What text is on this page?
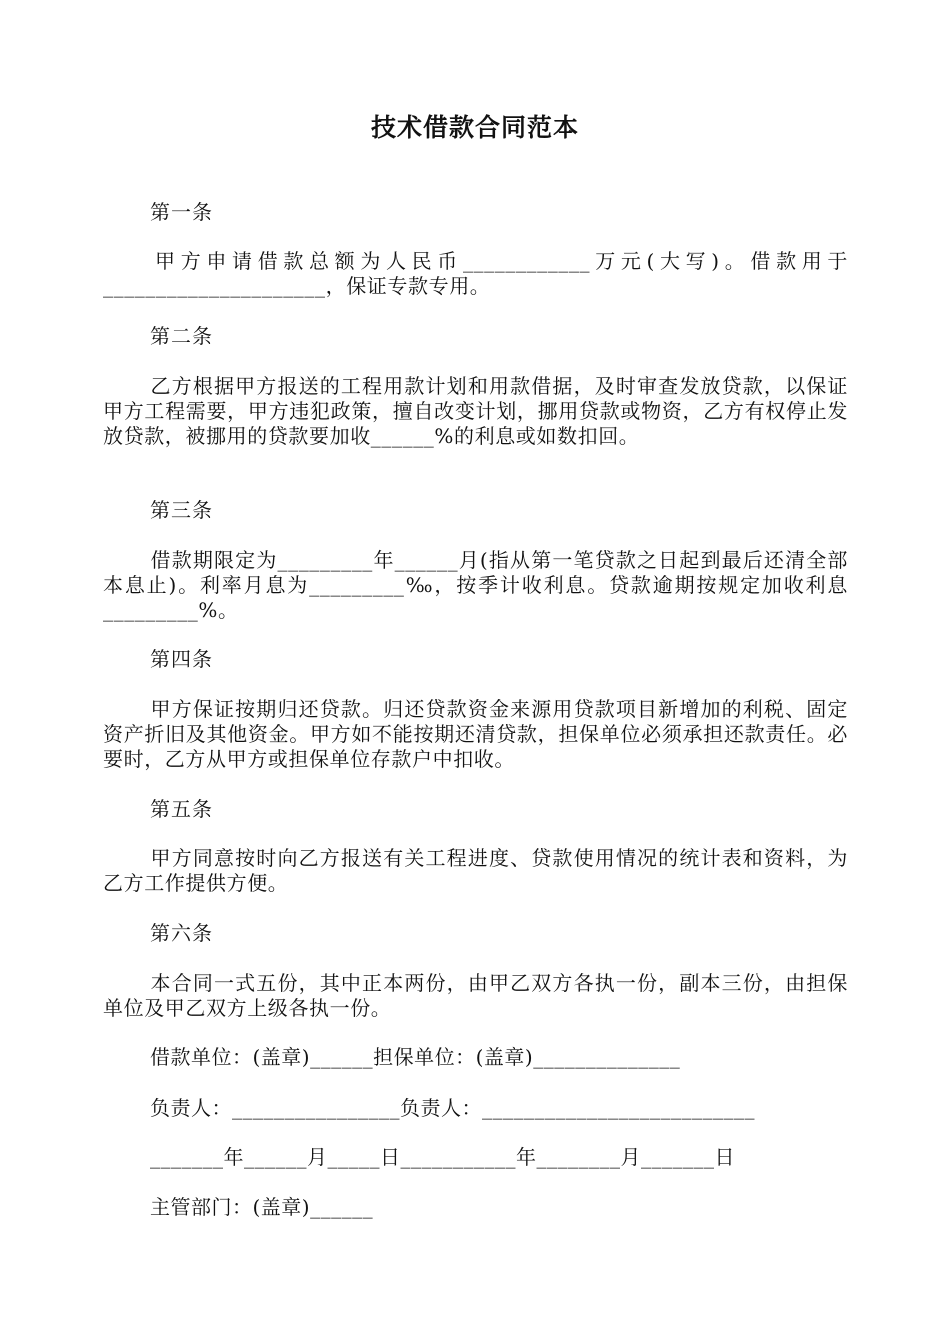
技术借款合同范本
第一条
甲方申请借款总额为人民币____________万元(大写)。借款用于_____________________，保证专款专用。
第二条
乙方根据甲方报送的工程用款计划和用款借据，及时审查发放贷款，以保证甲方工程需要，甲方违犯政策，擅自改变计划，挪用贷款或物资，乙方有权停止发放贷款，被挪用的贷款要加收______%的利息或如数扣回。
第三条
借款期限定为_________年______月(指从第一笔贷款之日起到最后还清全部本息止)。利率月息为_________‰，按季计收利息。贷款逾期按规定加收利息_________%。
第四条
甲方保证按期归还贷款。归还贷款资金来源用贷款项目新增加的利税、固定资产折旧及其他资金。甲方如不能按期还清贷款，担保单位必须承担还款责任。必要时，乙方从甲方或担保单位存款户中扣收。
第五条
甲方同意按时向乙方报送有关工程进度、贷款使用情况的统计表和资料，为乙方工作提供方便。
第六条
本合同一式五份，其中正本两份，由甲乙双方各执一份，副本三份，由担保单位及甲乙双方上级各执一份。
借款单位：(盖章)______担保单位：(盖章)______________
负责人：________________负责人：__________________________
_______年______月_____日___________年________月_______日
主管部门：(盖章)______
